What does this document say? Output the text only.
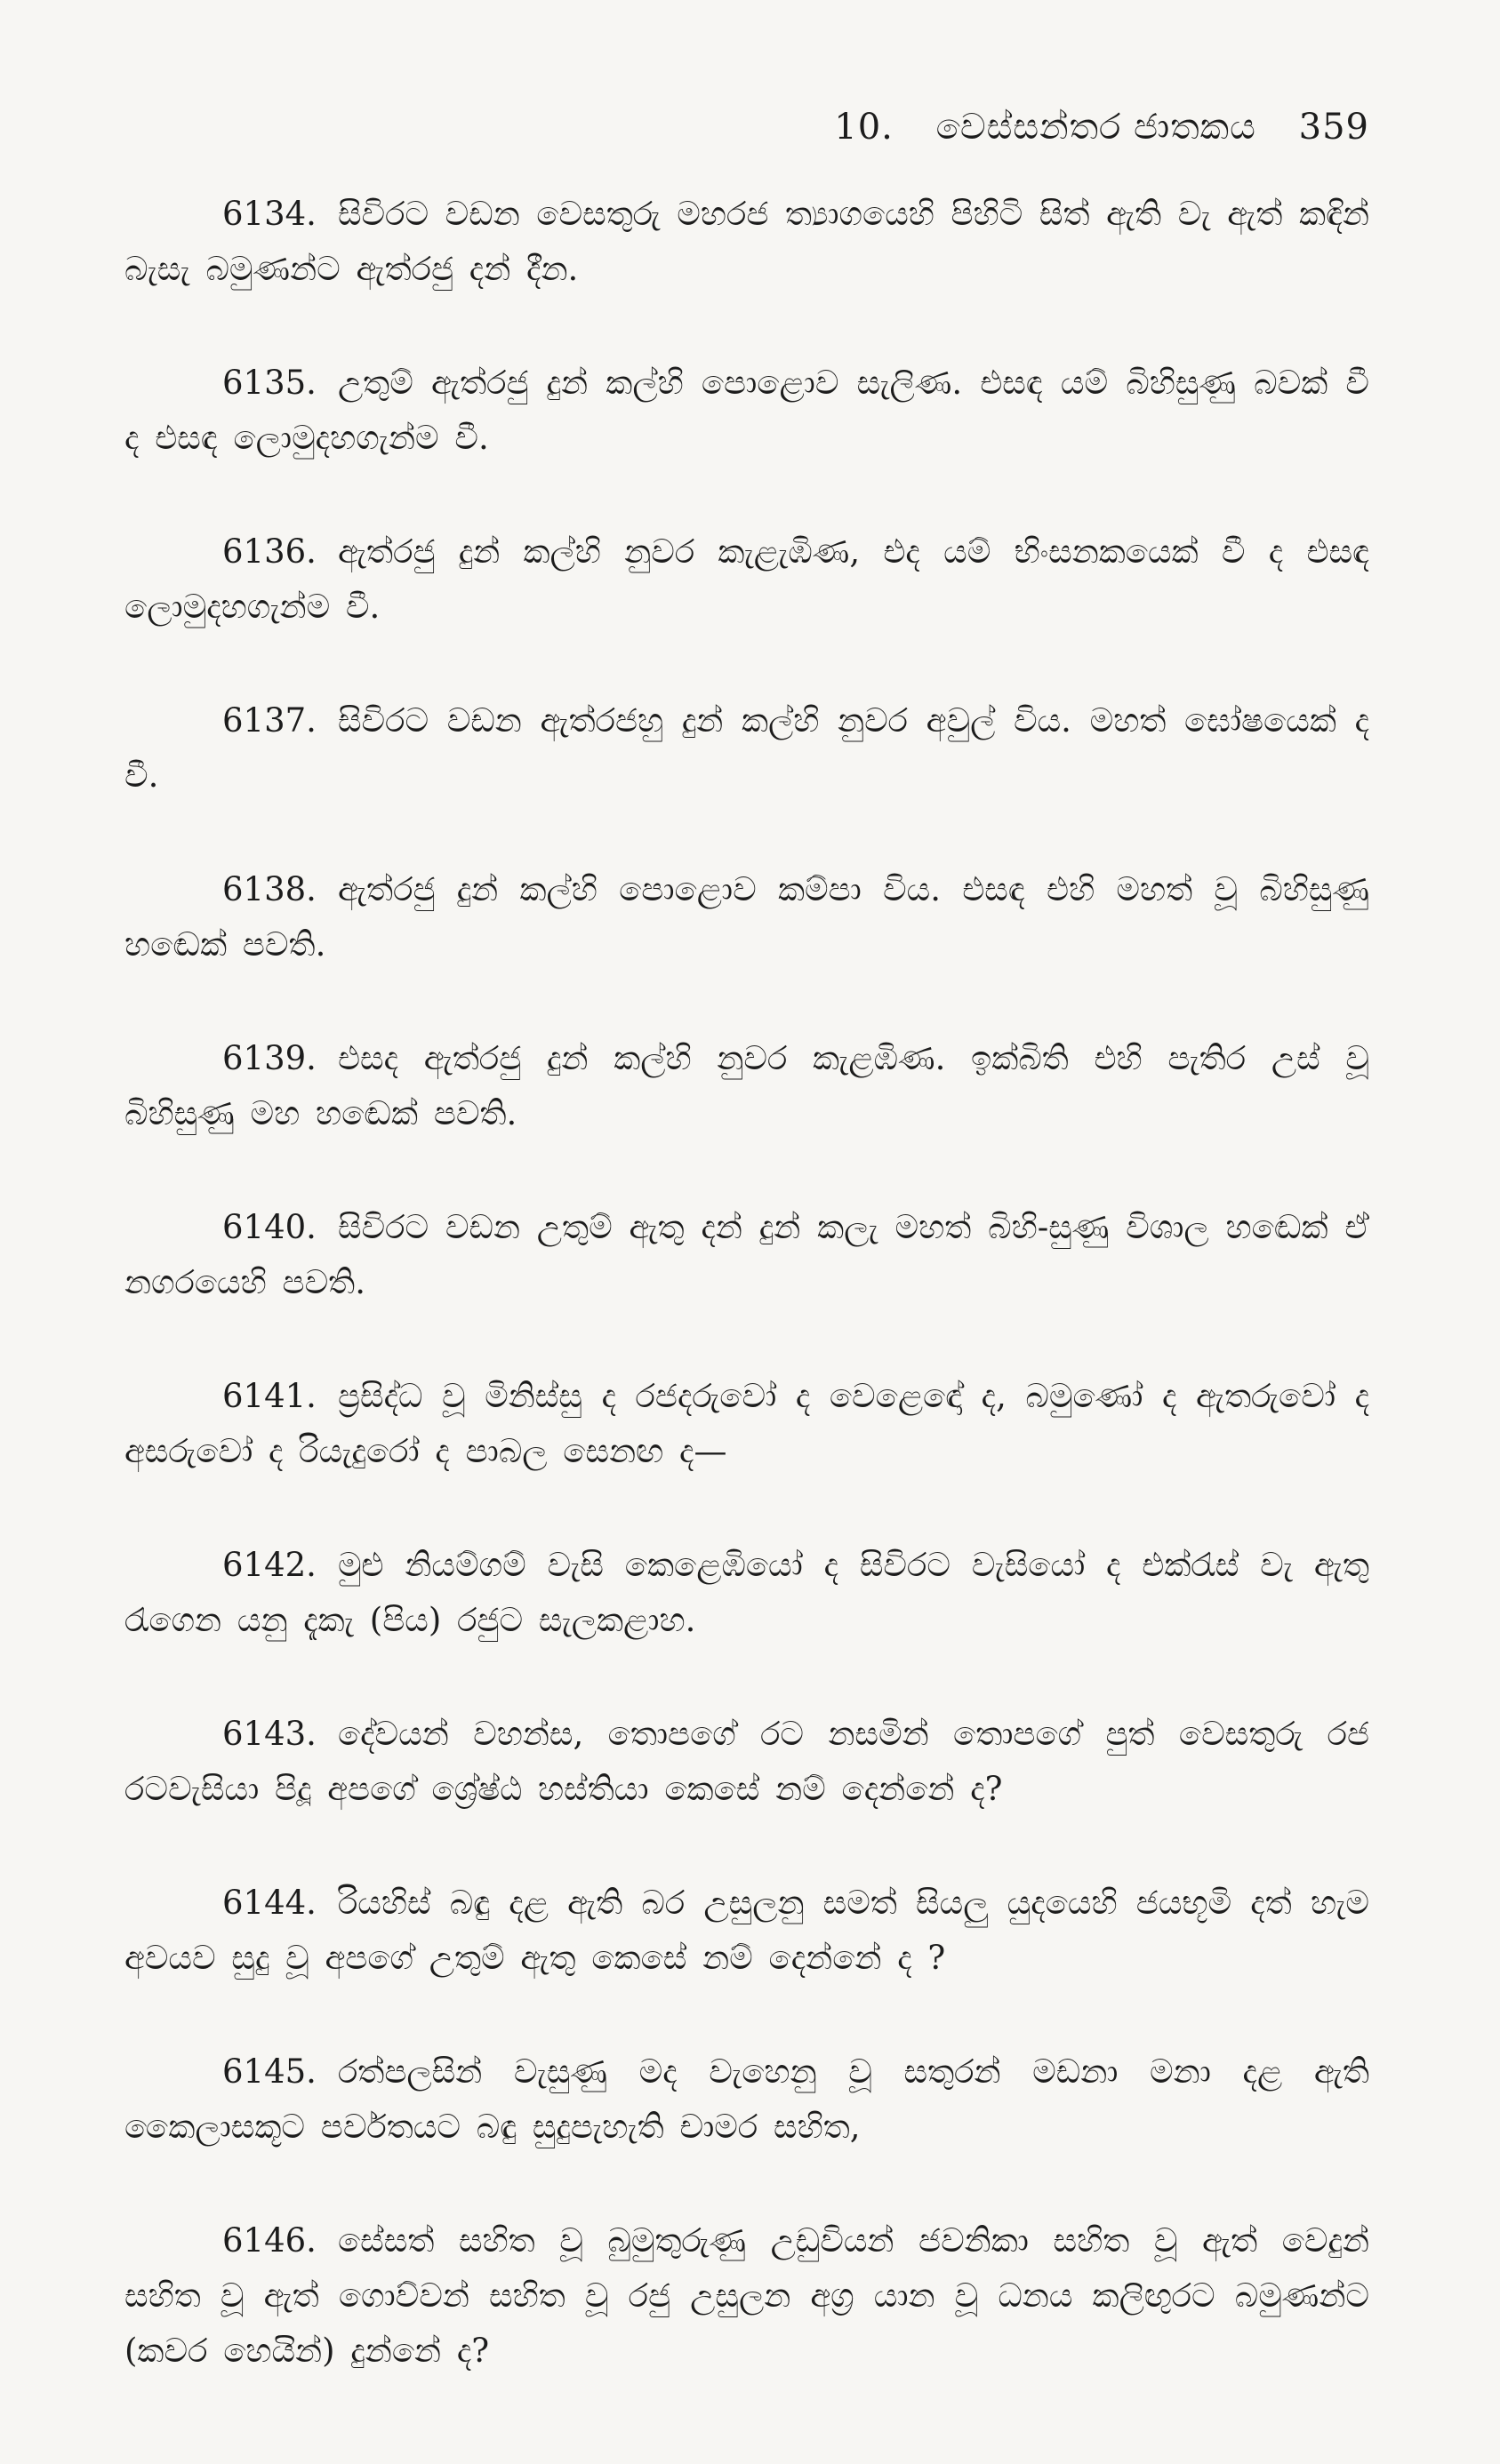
10. වෙස්සන්තර ජාතකය 359

6134. සිවිරට වඩන වෙසතුරු මහරජ ත්‍යාගයෙහි පිහිටි සිත් ඇති වැ ඇත් කඳින් බැසැ බමුණන්ට ඇත්රජු දන් දීන.

6135. උතුම් ඇත්රජු දුන් කල්හි පොළොව සැලිණ. එසඳ යම් බිහිසුණු බවක් වී ද එසඳ ලොමුදහගැන්ම වී.

6136. ඇත්රජු දුන් කල්හි නුවර කැළැඹිණ, එද යම් භිංසනකයෙක් වී ද එසඳ ලොමුදහගැන්ම වී.

6137. සිවිරට වඩන ඇත්රජහු දුන් කල්හි නුවර අවුල් විය. මහත් ඝෝෂයෙක් ද වී.

6138. ඇත්රජු දුන් කල්හි පොළොව කම්පා විය. එසඳ එහි මහත් වූ බිහිසුණු හඬෙක් පවති.

6139. එසද ඇත්රජු දුන් කල්හි නුවර කැළඹිණ. ඉක්බිති එහි පැතිර උස් වූ බිහිසුණු මහ හඬෙක් පවති.

6140. සිවිරට වඩන උතුම් ඇතු දන් දුන් කලැ මහත් බිහි-සුණු විශාල හඬෙක් ඒ නගරයෙහි පවති.

6141. ප්‍රසිද්ධ වූ මිනිස්සු ද රජදරුවෝ ද වෙළෙඳෝ ද, බමුණෝ ද ඇතරුවෝ ද අසරුවෝ ද රියැදුරෝ ද පාබල සෙනඟ ද—

6142. මුළු නියම්ගම් වැසි කෙළෙඹියෝ ද සිවිරට වැසියෝ ද එක්රැස් වැ ඇතු රැගෙන යනු දැකැ (පිය) රජුට සැලකළාහ.

6143. දේවයන් වහන්ස, තොපගේ රට නසමින් තොපගේ පුත් වෙසතුරු රජ රටවැසියා පිදූ අපගේ ශ්‍රේෂ්ඨ හස්තියා කෙසේ නම් දෙන්නේ ද?

6144. රියහිස් බඳු දළ ඇති බර උසුලනු සමත් සියලු යුදයෙහි ජයභූමි දත් හැම අවයව සුදු වූ අපගේ උතුම් ඇතු කෙසේ නම් දෙන්නේ ද ?

6145. රත්පලසින් වැසුණු මද වැහෙනු වූ සතුරන් මඩනා මනා දළ ඇති කෛලාසකූට පර්වතයට බඳු සුදුපැහැති චාමර සහිත,

6146. සේසත් සහිත වූ බුමුතුරුණු උඩුවියන් ජවනිකා සහිත වූ ඇත් වෙදුන් සහිත වූ ඇත් ගොව්වන් සහිත වූ රජු උසුලන අග්‍ර යාන වූ ධනය කලිඟුරට බමුණන්ට (කවර හෙයින්) දුන්නේ ද?
